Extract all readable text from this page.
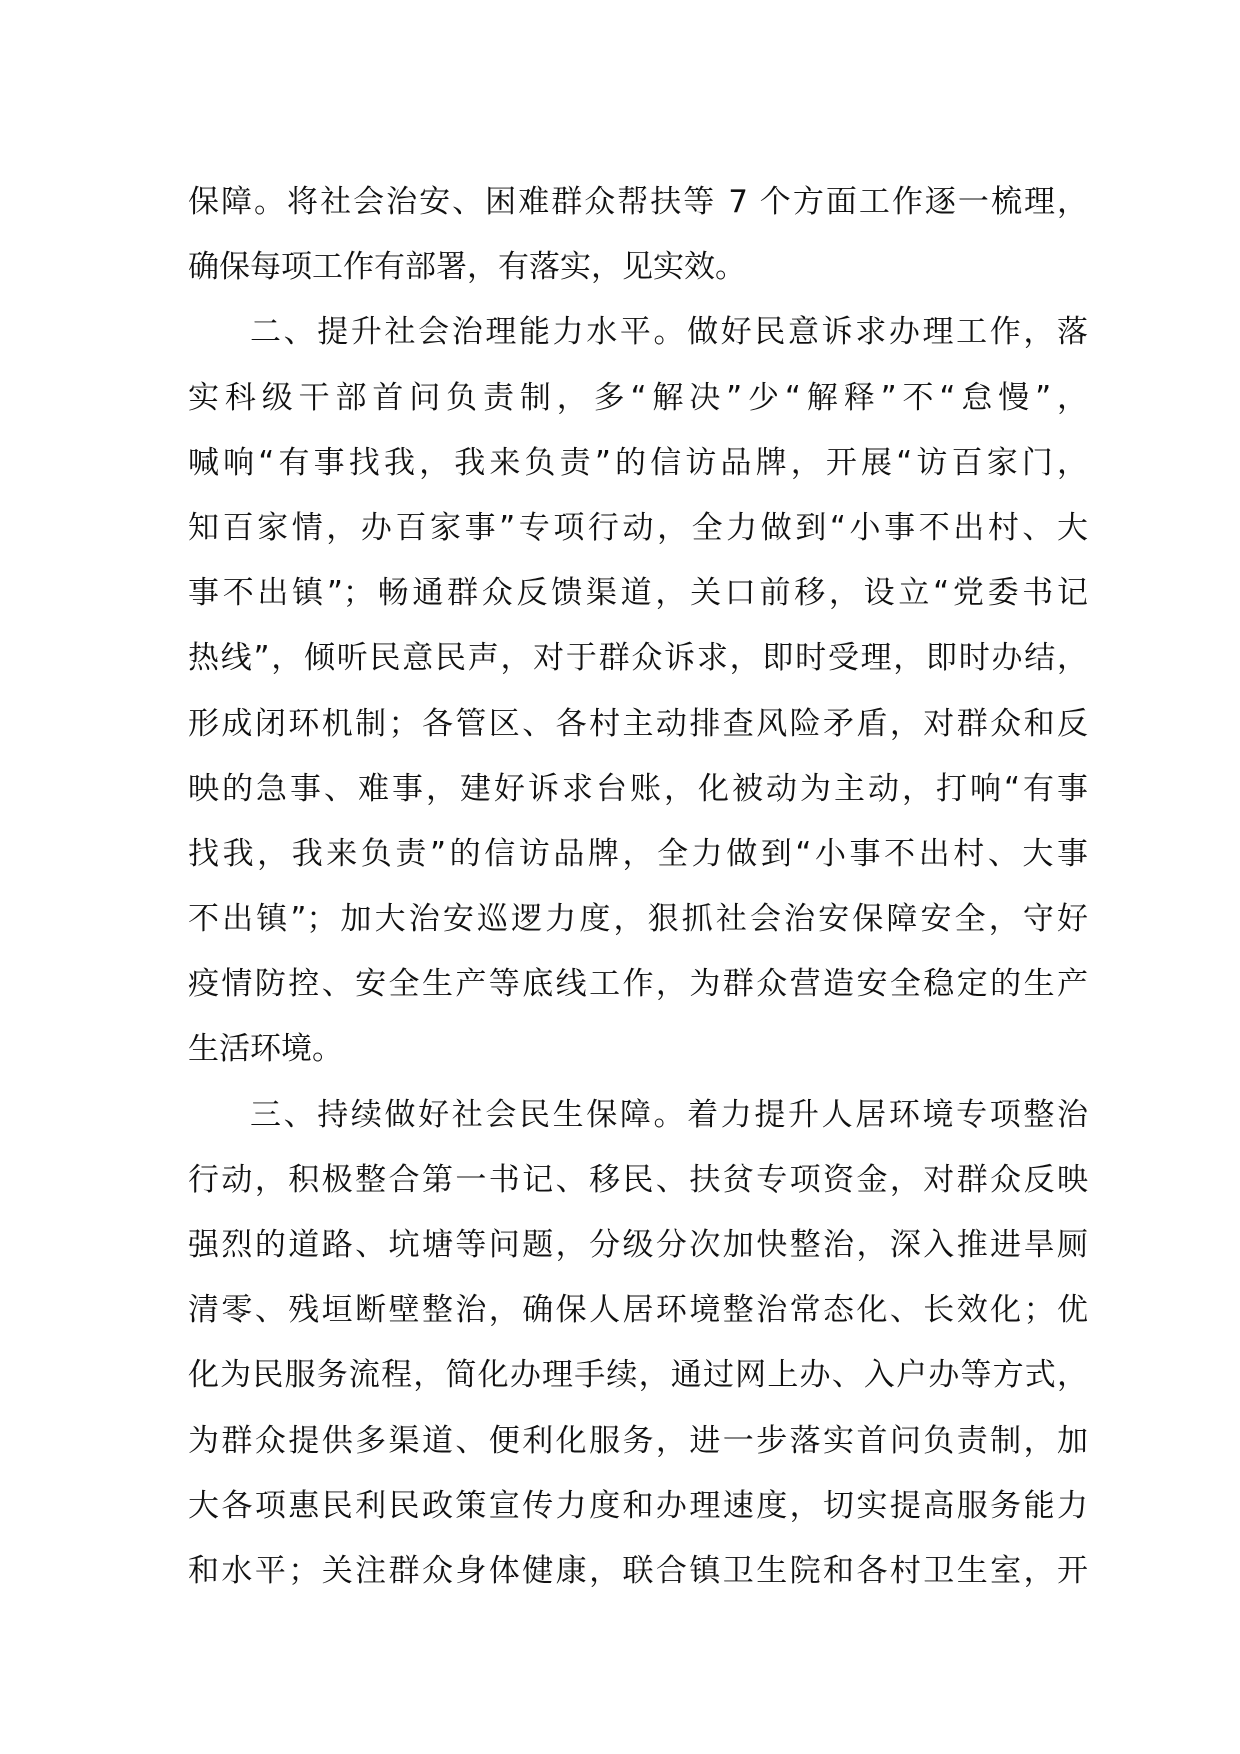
保障。将社会治安、困难群众帮扶等 7 个方面工作逐一梳理，
确保每项工作有部署，有落实，见实效。
二、提升社会治理能力水平。做好民意诉求办理工作，落
实科级干部首问负责制，多“解决”少“解释”不“怠慢”，
喊响“有事找我，我来负责”的信访品牌，开展“访百家门，
知百家情，办百家事”专项行动，全力做到“小事不出村、大
事不出镇”；畅通群众反馈渠道，关口前移，设立“党委书记
热线”，倾听民意民声，对于群众诉求，即时受理，即时办结，
形成闭环机制；各管区、各村主动排查风险矛盾，对群众和反
映的急事、难事，建好诉求台账，化被动为主动，打响“有事
找我，我来负责”的信访品牌，全力做到“小事不出村、大事
不出镇”；加大治安巡逻力度，狠抓社会治安保障安全，守好
疫情防控、安全生产等底线工作，为群众营造安全稳定的生产
生活环境。
三、持续做好社会民生保障。着力提升人居环境专项整治
行动，积极整合第一书记、移民、扶贫专项资金，对群众反映
强烈的道路、坑塘等问题，分级分次加快整治，深入推进旱厕
清零、残垣断壁整治，确保人居环境整治常态化、长效化；优
化为民服务流程，简化办理手续，通过网上办、入户办等方式，
为群众提供多渠道、便利化服务，进一步落实首问负责制，加
大各项惠民利民政策宣传力度和办理速度，切实提高服务能力
和水平；关注群众身体健康，联合镇卫生院和各村卫生室，开
